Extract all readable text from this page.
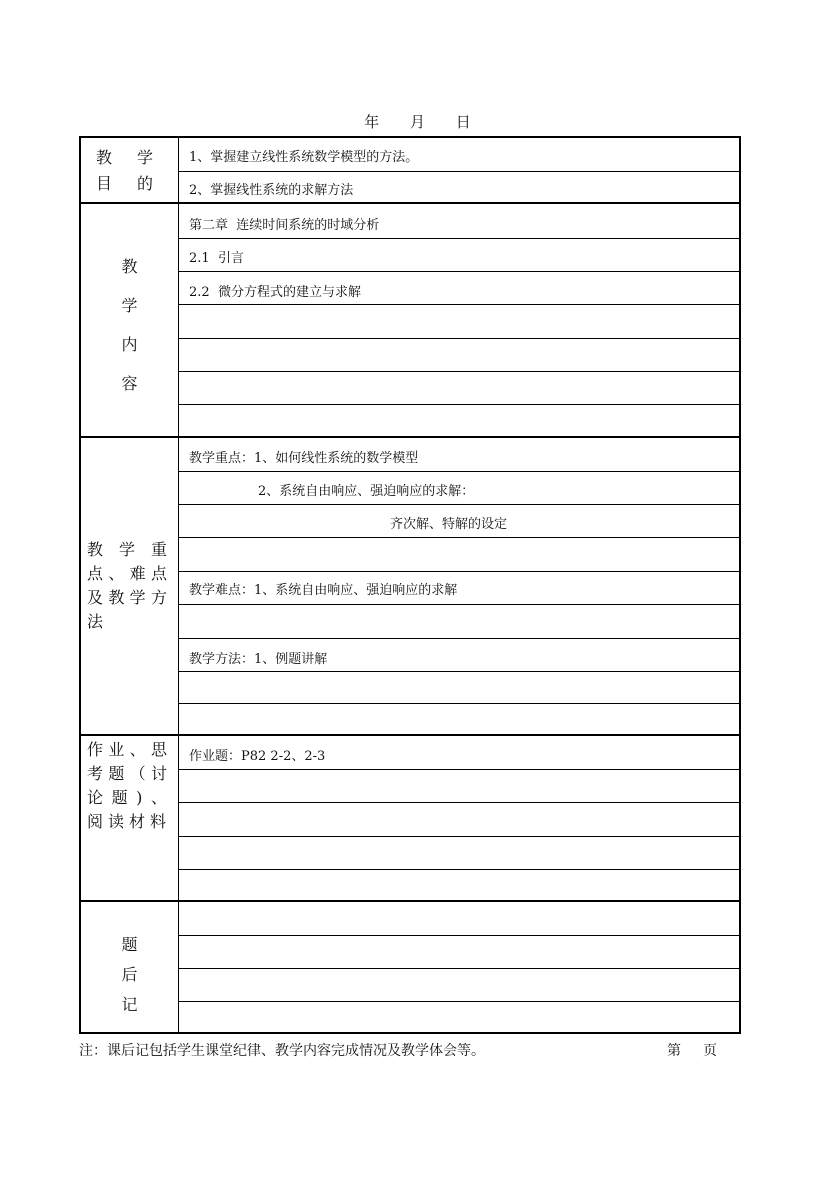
年 月 日
教 学
目 的
1、掌握建立线性系统数学模型的方法。
2、掌握线性系统的求解方法
教
学
内
容
第二章  连续时间系统的时域分析
2.1  引言
2.2  微分方程式的建立与求解
教学重点、难点及教学方法
教学重点：1、如何线性系统的数学模型
2、系统自由响应、强迫响应的求解：
齐次解、特解的设定
教学难点：1、系统自由响应、强迫响应的求解
教学方法：1、例题讲解
作业、思考题（讨论题)、阅读材料
作业题：P82 2-2、2-3
题
后
记
注：课后记包括学生课堂纪律、教学内容完成情况及教学体会等。	第 页
